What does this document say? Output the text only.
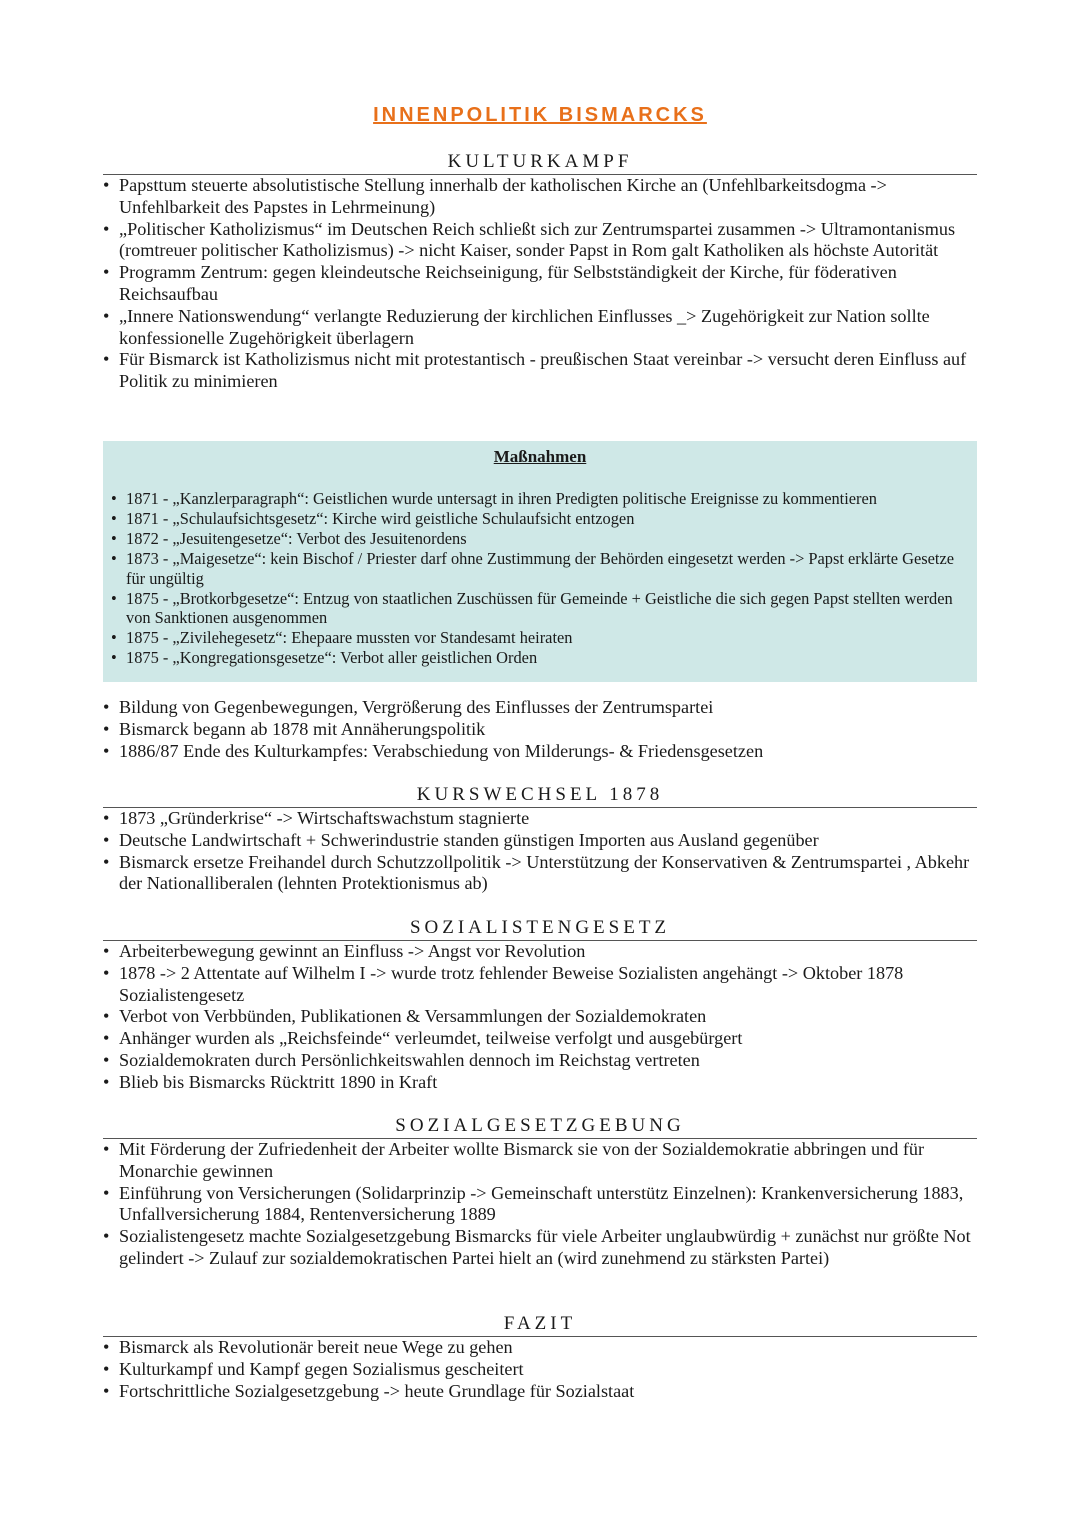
INNENPOLITIK BISMARCKS
KULTURKAMPF
• Papsttum steuerte absolutistische Stellung innerhalb der katholischen Kirche an (Unfehlbarkeitsdogma -> Unfehlbarkeit des Papstes in Lehrmeinung)
• „Politischer Katholizismus“ im Deutschen Reich schließt sich zur Zentrumspartei zusammen -> Ultramontanismus (romtreuer politischer Katholizismus) -> nicht Kaiser, sonder Papst in Rom galt Katholiken als höchste Autorität
• Programm Zentrum: gegen kleindeutsche Reichseinigung, für Selbstständigkeit der Kirche, für föderativen Reichsaufbau
• „Innere Nationswendung“ verlangte Reduzierung der kirchlichen Einflusses _> Zugehörigkeit zur Nation sollte konfessionelle Zugehörigkeit überlagern
• Für Bismarck ist Katholizismus nicht mit protestantisch - preußischen Staat vereinbar -> versucht deren Einfluss auf Politik zu minimieren
• 1871 - „Kanzlerparagraph“: Geistlichen wurde untersagt in ihren Predigten politische Ereignisse zu kommentieren
• 1871 - „Schulaufsichtsgesetz“: Kirche wird geistliche Schulaufsicht entzogen
• 1872 - „Jesuitengesetze“: Verbot des Jesuitenordens
• 1873 - „Maigesetze“: kein Bischof / Priester darf ohne Zustimmung der Behörden eingesetzt werden -> Papst erklärte Gesetze für ungültig
• 1875 - „Brotkorbgesetze“: Entzug von staatlichen Zuschüssen für Gemeinde + Geistliche die sich gegen Papst stellten werden von Sanktionen ausgenommen
• 1875 - „Zivilehegesetz“: Ehepaare mussten vor Standesamt heiraten
• 1875 - „Kongregationsgesetze“: Verbot aller geistlichen Orden
Maßnahmen
• Bildung von Gegenbewegungen, Vergrößerung des Einflusses der Zentrumspartei
• Bismarck begann ab 1878 mit Annäherungspolitik
• 1886/87 Ende des Kulturkampfes: Verabschiedung von Milderungs- & Friedensgesetzen
KURSWECHSEL 1878
• 1873 „Gründerkrise“ -> Wirtschaftswachstum stagnierte
• Deutsche Landwirtschaft + Schwerindustrie standen günstigen Importen aus Ausland gegenüber
• Bismarck ersetze Freihandel durch Schutzzollpolitik -> Unterstützung der Konservativen & Zentrumspartei , Abkehr der Nationalliberalen (lehnten Protektionismus ab)
SOZIALISTENGESETZ
• Arbeiterbewegung gewinnt an Einfluss -> Angst vor Revolution
• 1878 -> 2 Attentate auf Wilhelm I -> wurde trotz fehlender Beweise Sozialisten angehängt -> Oktober 1878 Sozialistengesetz
• Verbot von Verbbünden, Publikationen & Versammlungen der Sozialdemokraten
• Anhänger wurden als „Reichsfeinde“ verleumdet, teilweise verfolgt und ausgebürgert
• Sozialdemokraten durch Persönlichkeitswahlen dennoch im Reichstag vertreten
• Blieb bis Bismarcks Rücktritt 1890 in Kraft
SOZIALGESETZGEBUNG
• Mit Förderung der Zufriedenheit der Arbeiter wollte Bismarck sie von der Sozialdemokratie abbringen und für Monarchie gewinnen
• Einführung von Versicherungen (Solidarprinzip -> Gemeinschaft unterstütz Einzelnen): Krankenversicherung 1883, Unfallversicherung 1884, Rentenversicherung 1889
• Sozialistengesetz machte Sozialgesetzgebung Bismarcks für viele Arbeiter unglaubwürdig + zunächst nur größte Not gelindert -> Zulauf zur sozialdemokratischen Partei hielt an (wird zunehmend zu stärksten Partei)
FAZIT
• Bismarck als Revolutionär bereit neue Wege zu gehen
• Kulturkampf und Kampf gegen Sozialismus gescheitert
• Fortschrittliche Sozialgesetzgebung -> heute Grundlage für Sozialstaat
